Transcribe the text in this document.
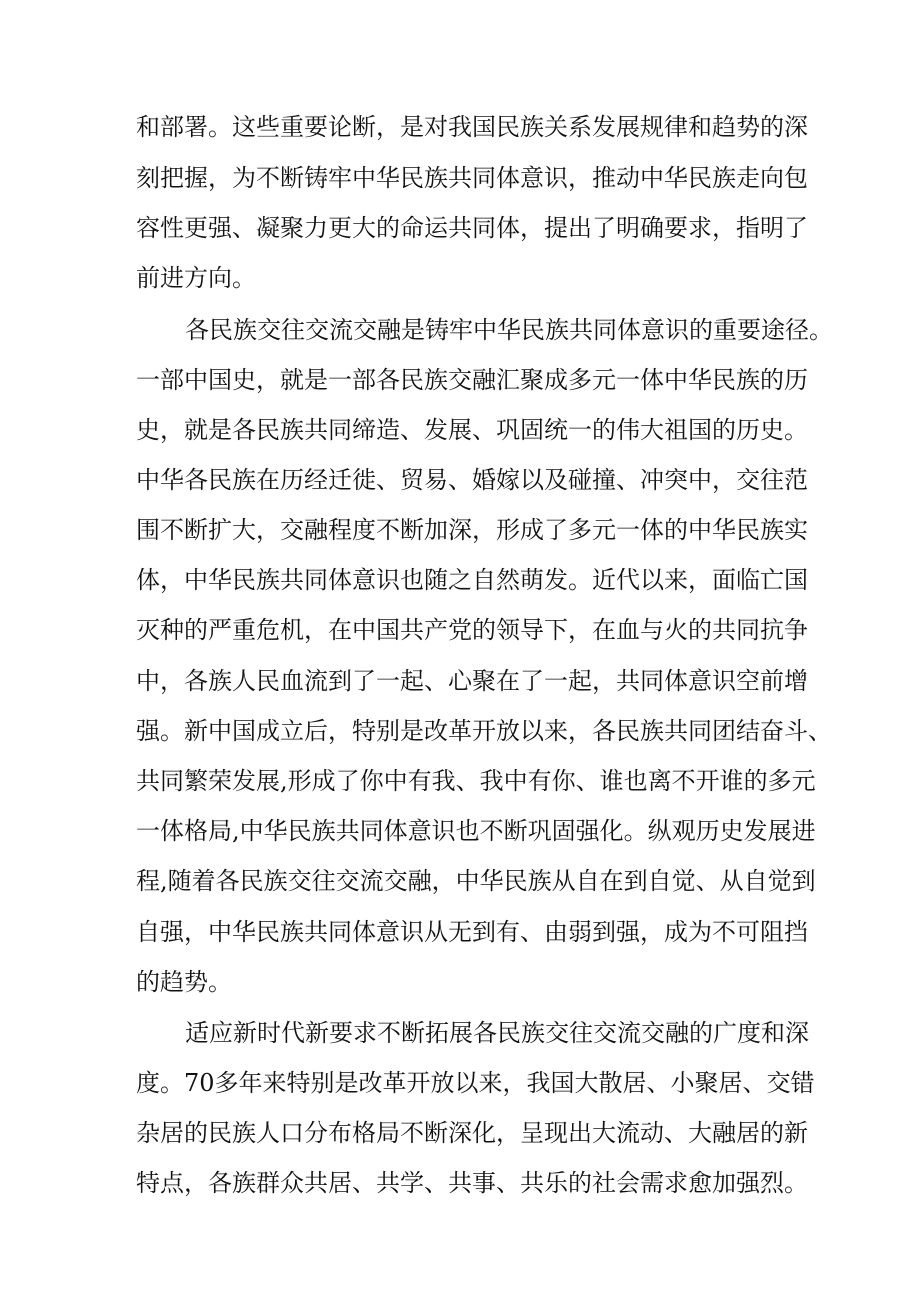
和部署。这些重要论断，是对我国民族关系发展规律和趋势的深

刻把握，为不断铸牢中华民族共同体意识，推动中华民族走向包

容性更强、凝聚力更大的命运共同体，提出了明确要求，指明了

前进方向。

各民族交往交流交融是铸牢中华民族共同体意识的重要途径。

一部中国史，就是一部各民族交融汇聚成多元一体中华民族的历

史，就是各民族共同缔造、发展、巩固统一的伟大祖国的历史。

中华各民族在历经迁徙、贸易、婚嫁以及碰撞、冲突中，交往范

围不断扩大，交融程度不断加深，形成了多元一体的中华民族实

体，中华民族共同体意识也随之自然萌发。近代以来，面临亡国

灭种的严重危机，在中国共产党的领导下，在血与火的共同抗争

中，各族人民血流到了一起、心聚在了一起，共同体意识空前增

强。新中国成立后，特别是改革开放以来，各民族共同团结奋斗、

共同繁荣发展,形成了你中有我、我中有你、谁也离不开谁的多元

一体格局,中华民族共同体意识也不断巩固强化。纵观历史发展进

程,随着各民族交往交流交融，中华民族从自在到自觉、从自觉到

自强，中华民族共同体意识从无到有、由弱到强，成为不可阻挡

的趋势。

适应新时代新要求不断拓展各民族交往交流交融的广度和深

度。70多年来特别是改革开放以来，我国大散居、小聚居、交错

杂居的民族人口分布格局不断深化，呈现出大流动、大融居的新

特点，各族群众共居、共学、共事、共乐的社会需求愈加强烈。
